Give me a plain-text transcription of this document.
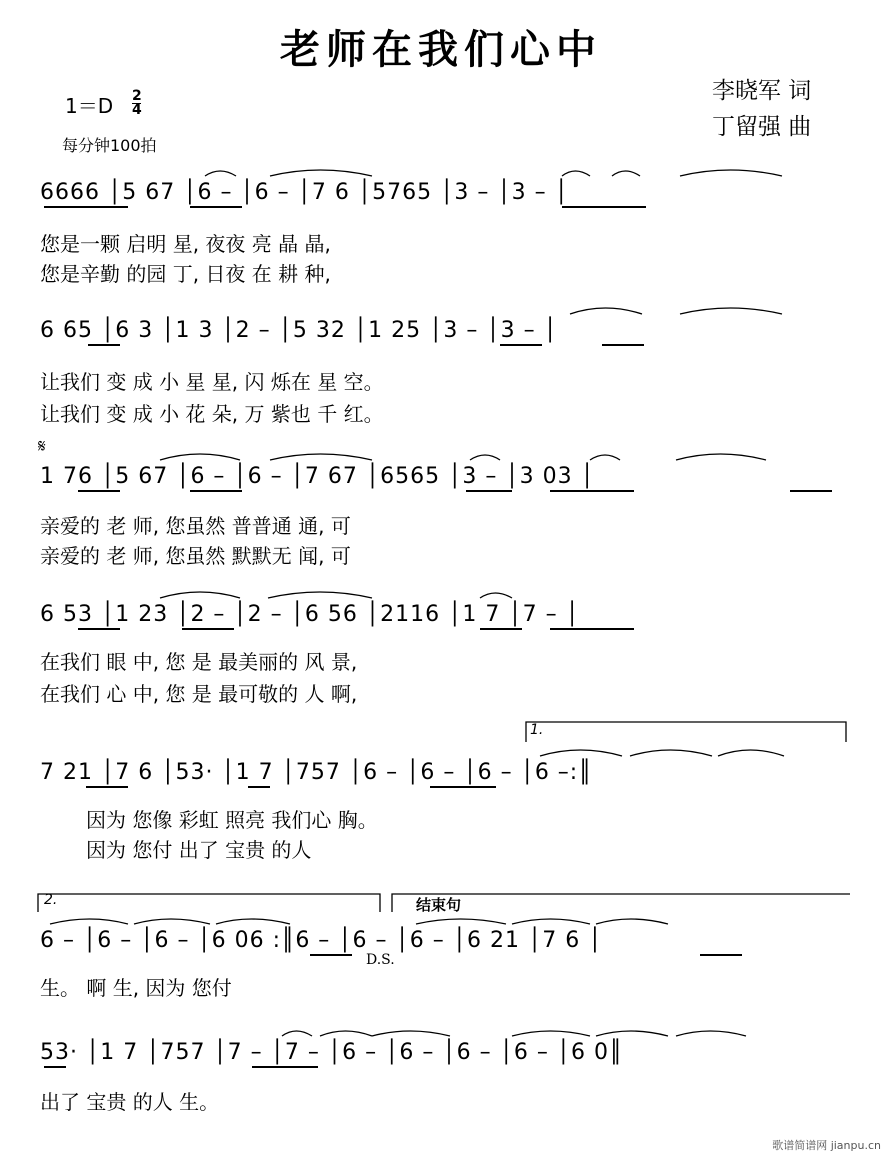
老师在我们心中
李晓军 词
丁留强 曲
1＝D 2
4
每分钟100拍
6666 │5 67 │6 – │6 – │7 6 │5765 │3 – │3 – │
您是一颗 启明 星, 夜夜 亮 晶 晶,
您是辛勤 的园 丁, 日夜 在 耕 种,
6 65 │6 3 │1 3 │2 – │5 32 │1 25 │3 – │3 – │
让我们 变 成 小 星 星, 闪 烁在 星 空。
让我们 变 成 小 花 朵, 万 紫也 千 红。
𝄋
1 76 │5 67 │6 – │6 – │7 67 │6565 │3 – │3 03 │
亲爱的 老 师, 您虽然 普普通 通, 可
亲爱的 老 师, 您虽然 默默无 闻, 可
6 53 │1 23 │2 – │2 – │6 56 │2116 │1 7 │7 – │
在我们 眼 中, 您 是 最美丽的 风 景,
在我们 心 中, 您 是 最可敬的 人 啊,
1.
7 21 │7 6 │53· │1 7 │757 │6 – │6 – │6 – │6 –:║
因为 您像 彩虹 照亮 我们心 胸。
因为 您付 出了 宝贵 的人
2.	结束句
6 – │6 – │6 – │6 06 :║6 – │6 – │6 – │6 21 │7 6 │
D.S.
生。 啊 生, 因为 您付
53· │1 7 │757 │7 – │7 – │6 – │6 – │6 – │6 – │6 0║
出了 宝贵 的人 生。
歌谱简谱网 jianpu.cn
